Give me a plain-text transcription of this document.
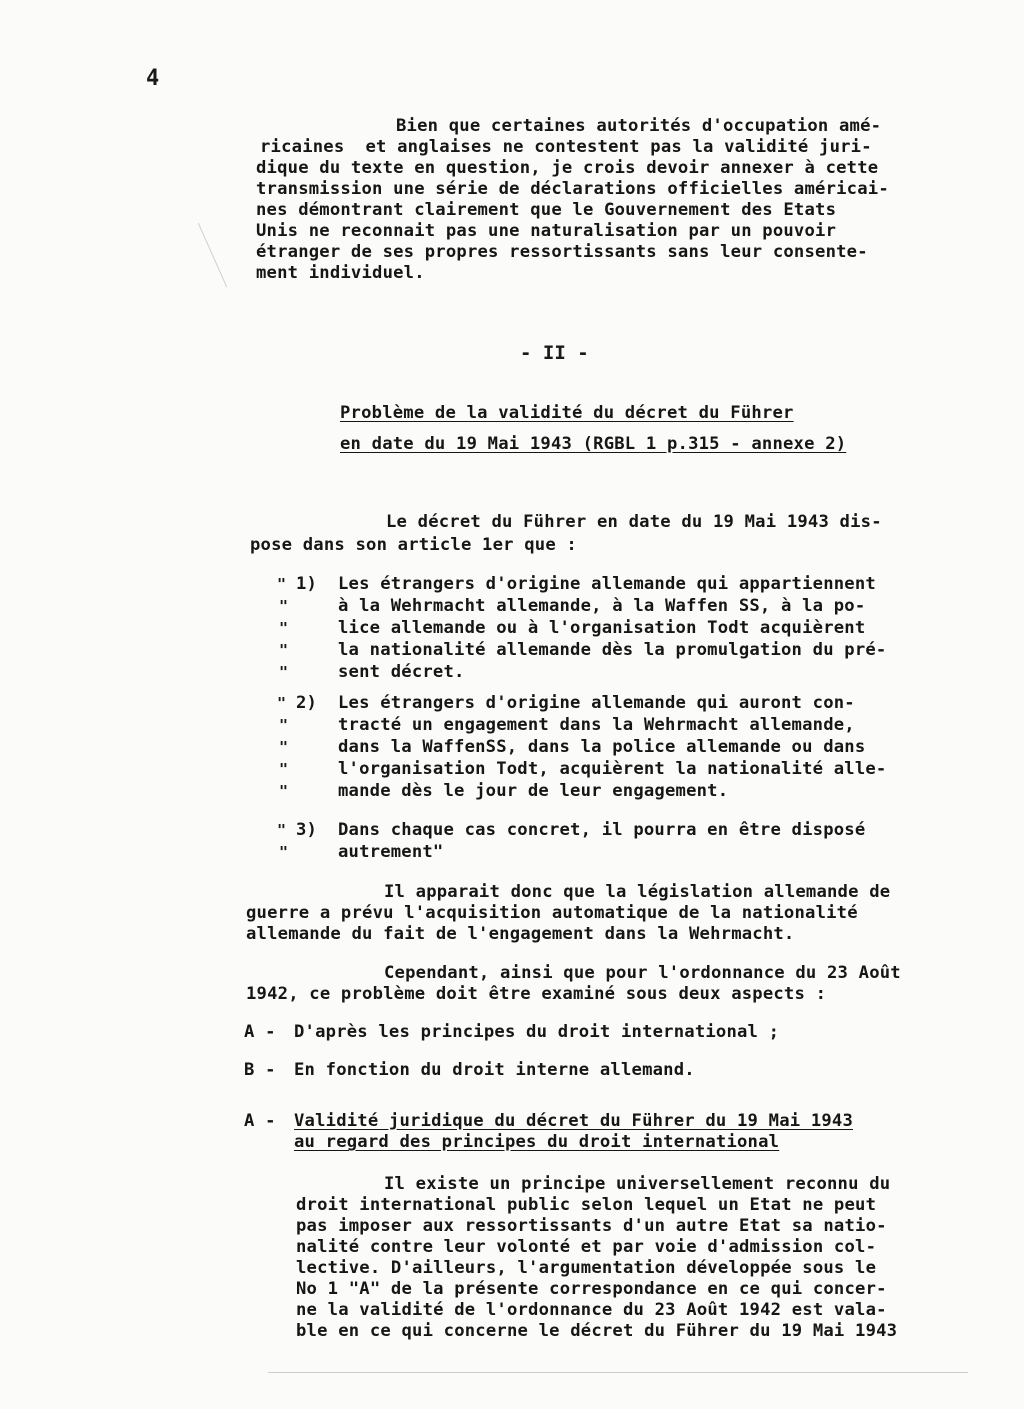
4
Bien que certaines autorités d'occupation amé-
ricaines  et anglaises ne contestent pas la validité juri-
dique du texte en question, je crois devoir annexer à cette
transmission une série de déclarations officielles américai-
nes démontrant clairement que le Gouvernement des Etats
Unis ne reconnait pas une naturalisation par un pouvoir
étranger de ses propres ressortissants sans leur consente-
ment individuel.
- II -
Problème de la validité du décret du Führer
en date du 19 Mai 1943 (RGBL 1 p.315 - annexe 2)
Le décret du Führer en date du 19 Mai 1943 dis-
pose dans son article 1er que :
1) Les étrangers d'origine allemande qui appartiennent
à la Wehrmacht allemande, à la Waffen SS, à la po-
lice allemande ou à l'organisation Todt acquièrent
la nationalité allemande dès la promulgation du pré-
sent décret.
2) Les étrangers d'origine allemande qui auront con-
tracté un engagement dans la Wehrmacht allemande,
dans la WaffenSS, dans la police allemande ou dans
l'organisation Todt, acquièrent la nationalité alle-
mande dès le jour de leur engagement.
3) Dans chaque cas concret, il pourra en être disposé
autrement"
"
"
"
"
"
"
"
"
"
"
"
"
Il apparait donc que la législation allemande de
guerre a prévu l'acquisition automatique de la nationalité
allemande du fait de l'engagement dans la Wehrmacht.
Cependant, ainsi que pour l'ordonnance du 23 Août
1942, ce problème doit être examiné sous deux aspects :
A - D'après les principes du droit international ;
B - En fonction du droit interne allemand.
A - Validité juridique du décret du Führer du 19 Mai 1943
au regard des principes du droit international
Il existe un principe universellement reconnu du
droit international public selon lequel un Etat ne peut
pas imposer aux ressortissants d'un autre Etat sa natio-
nalité contre leur volonté et par voie d'admission col-
lective. D'ailleurs, l'argumentation développée sous le
No 1 "A" de la présente correspondance en ce qui concer-
ne la validité de l'ordonnance du 23 Août 1942 est vala-
ble en ce qui concerne le décret du Führer du 19 Mai 1943
